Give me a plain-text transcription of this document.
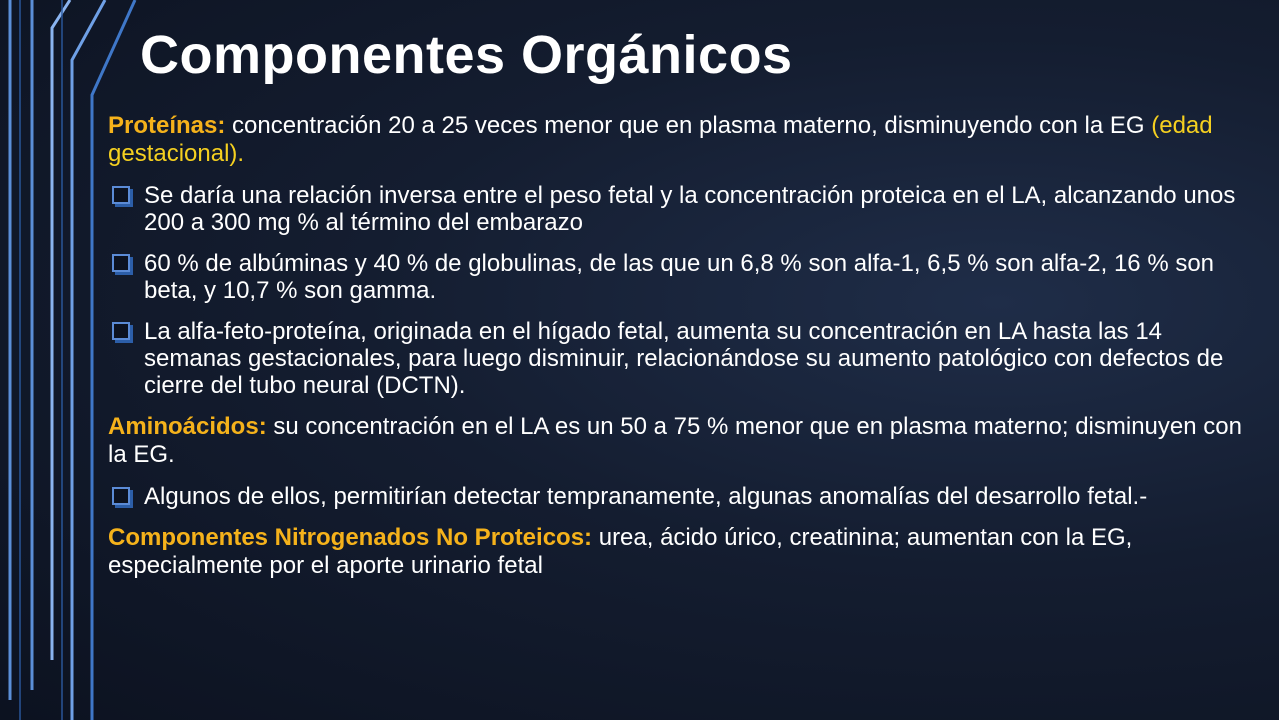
Componentes Orgánicos

Proteínas: concentración 20 a 25 veces menor que en plasma materno, disminuyendo con la EG (edad gestacional).

Se daría una relación inversa entre el peso fetal y la concentración proteica en el LA, alcanzando unos 200 a 300 mg % al término del embarazo
60 % de albúminas y 40 % de globulinas, de las que un 6,8 % son alfa-1, 6,5 % son alfa-2, 16 % son beta, y 10,7 % son gamma.
La alfa-feto-proteína, originada en el hígado fetal, aumenta su concentración en LA hasta las 14 semanas gestacionales, para luego disminuir, relacionándose su aumento patológico con defectos de cierre del tubo neural (DCTN).

Aminoácidos: su concentración en el LA es un 50 a 75 % menor que en plasma materno; disminuyen con la EG.

Algunos de ellos, permitirían detectar tempranamente, algunas anomalías del desarrollo fetal.-

Componentes Nitrogenados No Proteicos: urea, ácido úrico, creatinina; aumentan con la EG, especialmente por el aporte urinario fetal
